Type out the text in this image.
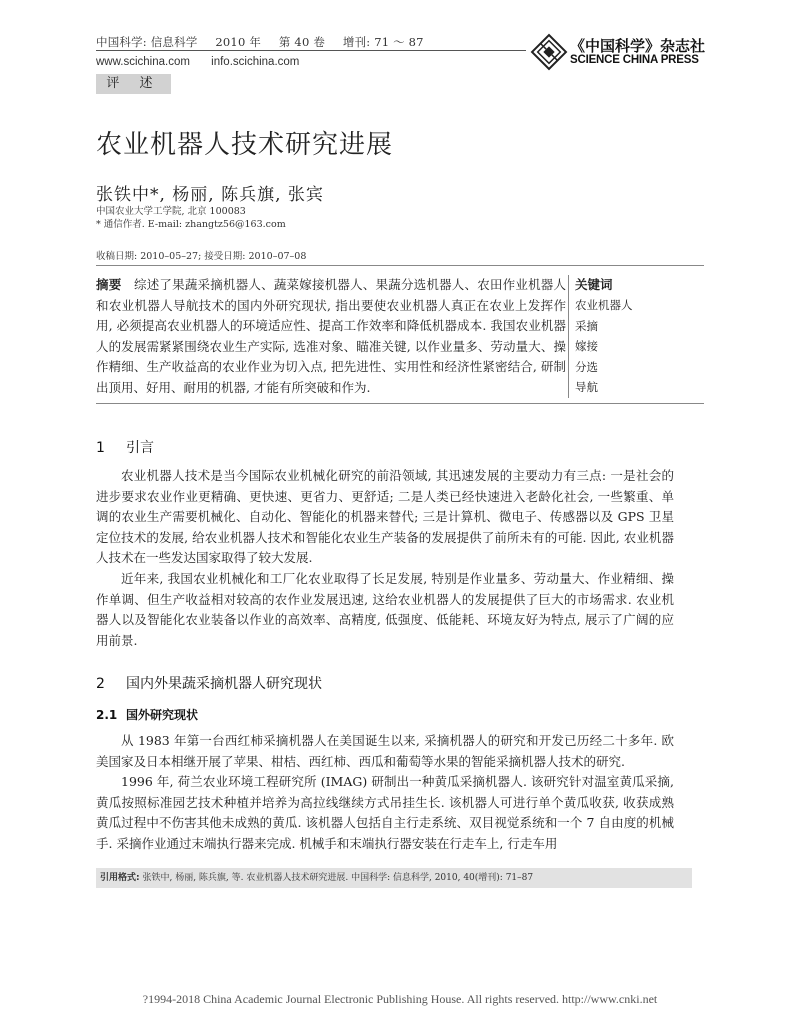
中国科学: 信息科学 2010 年 第 40 卷 增刊: 71 ～ 87
www.scichina.com info.scichina.com
《中国科学》杂志社
SCIENCE CHINA PRESS
评 述
农业机器人技术研究进展
张铁中*, 杨丽, 陈兵旗, 张宾
中国农业大学工学院, 北京 100083
* 通信作者. E-mail: zhangtz56@163.com
收稿日期: 2010–05–27; 接受日期: 2010–07–08
摘要 综述了果蔬采摘机器人、蔬菜嫁接机器人、果蔬分选机器人、农田作业机器人和农业机器人导航技术的国内外研究现状, 指出要使农业机器人真正在农业上发挥作用, 必须提高农业机器人的环境适应性、提高工作效率和降低机器成本. 我国农业机器人的发展需紧紧围绕农业生产实际, 选准对象、瞄准关键, 以作业量多、劳动量大、操作精细、生产收益高的农业作业为切入点, 把先进性、实用性和经济性紧密结合, 研制出顶用、好用、耐用的机器, 才能有所突破和作为.
关键词
农业机器人
采摘
嫁接
分选
导航
1 引言
农业机器人技术是当今国际农业机械化研究的前沿领域, 其迅速发展的主要动力有三点: 一是社会的进步要求农业作业更精确、更快速、更省力、更舒适; 二是人类已经快速进入老龄化社会, 一些繁重、单调的农业生产需要机械化、自动化、智能化的机器来替代; 三是计算机、微电子、传感器以及 GPS 卫星定位技术的发展, 给农业机器人技术和智能化农业生产装备的发展提供了前所未有的可能. 因此, 农业机器人技术在一些发达国家取得了较大发展.
近年来, 我国农业机械化和工厂化农业取得了长足发展, 特别是作业量多、劳动量大、作业精细、操作单调、但生产收益相对较高的农作业发展迅速, 这给农业机器人的发展提供了巨大的市场需求. 农业机器人以及智能化农业装备以作业的高效率、高精度, 低强度、低能耗、环境友好为特点, 展示了广阔的应用前景.
2 国内外果蔬采摘机器人研究现状
2.1 国外研究现状
从 1983 年第一台西红柿采摘机器人在美国诞生以来, 采摘机器人的研究和开发已历经二十多年. 欧美国家及日本相继开展了苹果、柑桔、西红柿、西瓜和葡萄等水果的智能采摘机器人技术的研究.
1996 年, 荷兰农业环境工程研究所 (IMAG) 研制出一种黄瓜采摘机器人. 该研究针对温室黄瓜采摘, 黄瓜按照标准园艺技术种植并培养为高拉线继续方式吊挂生长. 该机器人可进行单个黄瓜收获, 收获成熟黄瓜过程中不伤害其他未成熟的黄瓜. 该机器人包括自主行走系统、双目视觉系统和一个 7 自由度的机械手. 采摘作业通过末端执行器来完成. 机械手和末端执行器安装在行走车上, 行走车用
引用格式: 张铁中, 杨丽, 陈兵旗, 等. 农业机器人技术研究进展. 中国科学: 信息科学, 2010, 40(增刊): 71–87
?1994-2018 China Academic Journal Electronic Publishing House. All rights reserved. http://www.cnki.net
